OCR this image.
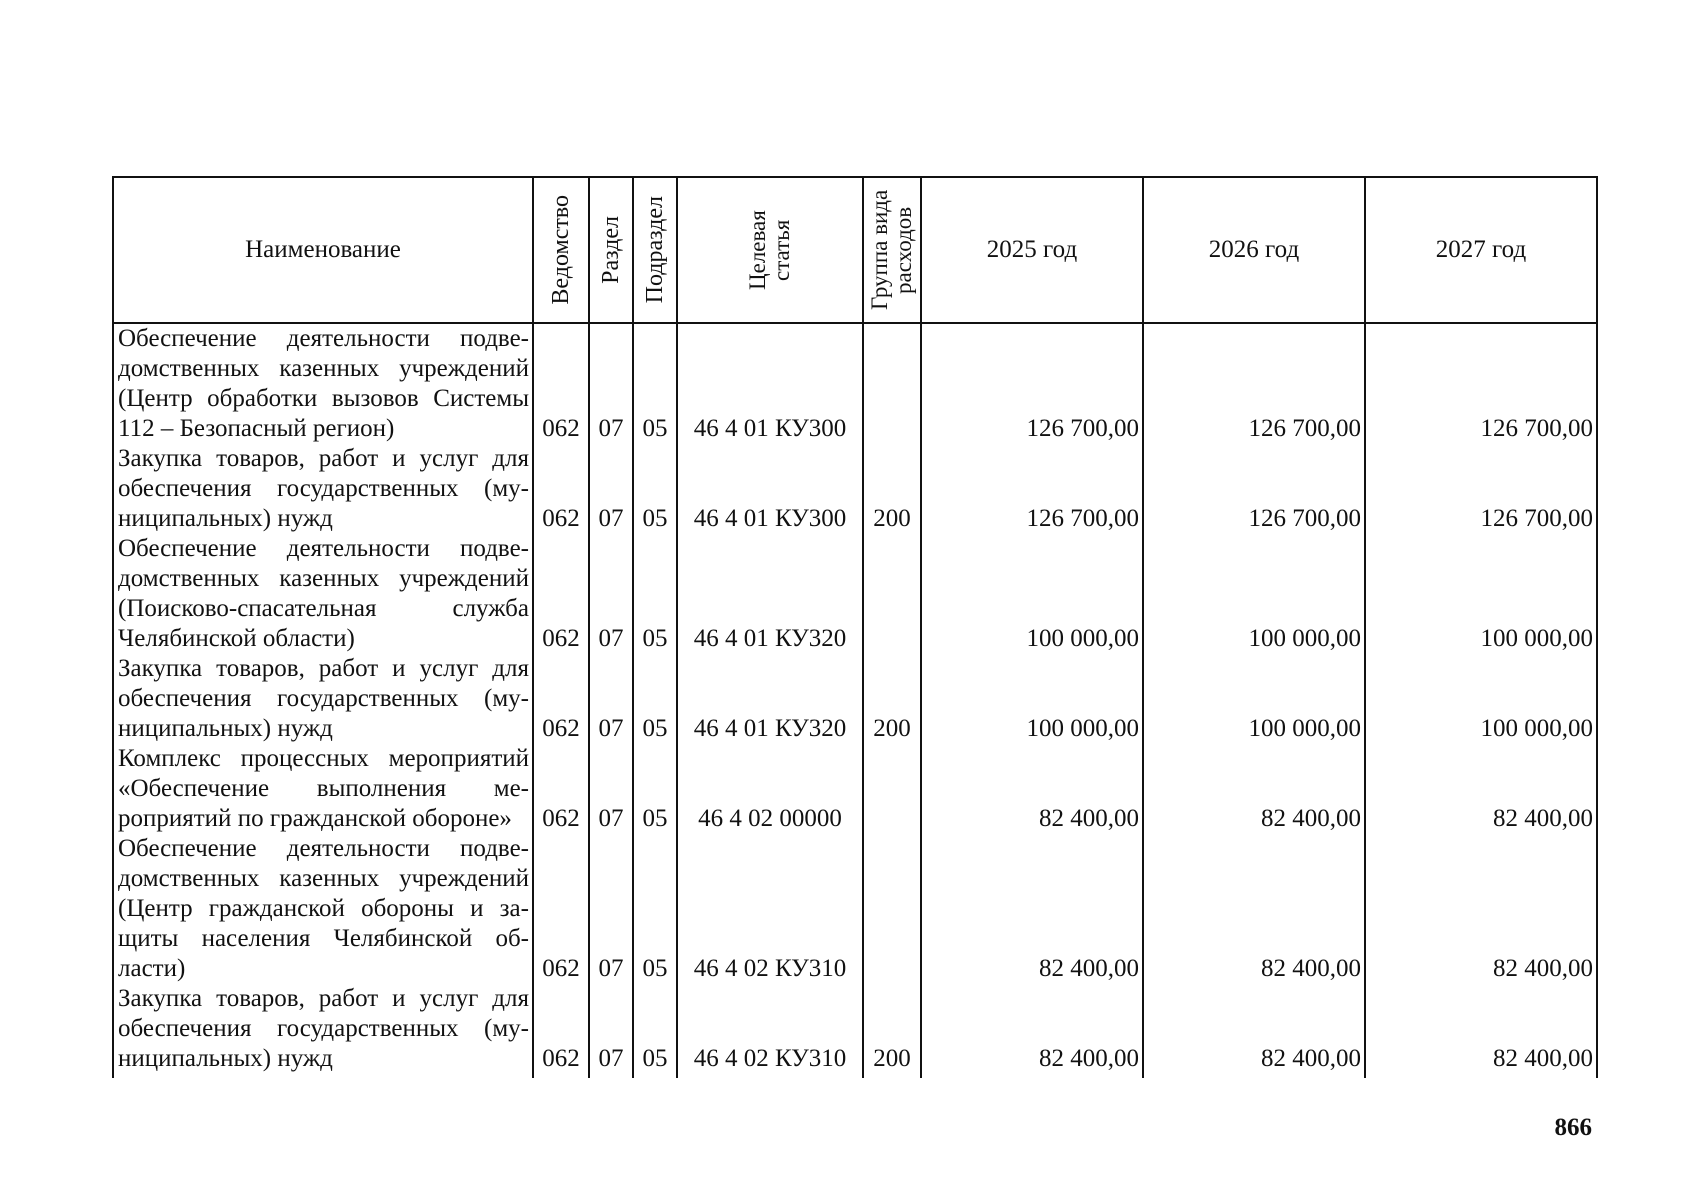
Наименование	Ведомство	Раздел	Подраздел	Целевая статья	Группа вида расходов	2025 год	2026 год	2027 год
Обеспечение деятельности подведомственных казенных учреждений (Центр обработки вызовов Системы 112 – Безопасный регион)	062	07	05	46 4 01 КУ300		126 700,00	126 700,00	126 700,00
Закупка товаров, работ и услуг для обеспечения государственных (муниципальных) нужд	062	07	05	46 4 01 КУ300	200	126 700,00	126 700,00	126 700,00
Обеспечение деятельности подведомственных казенных учреждений (Поисково-спасательная служба Челябинской области)	062	07	05	46 4 01 КУ320		100 000,00	100 000,00	100 000,00
Закупка товаров, работ и услуг для обеспечения государственных (муниципальных) нужд	062	07	05	46 4 01 КУ320	200	100 000,00	100 000,00	100 000,00
Комплекс процессных мероприятий «Обеспечение выполнения мероприятий по гражданской обороне»	062	07	05	46 4 02 00000		82 400,00	82 400,00	82 400,00
Обеспечение деятельности подведомственных казенных учреждений (Центр гражданской обороны и защиты населения Челябинской области)	062	07	05	46 4 02 КУ310		82 400,00	82 400,00	82 400,00
Закупка товаров, работ и услуг для обеспечения государственных (муниципальных) нужд	062	07	05	46 4 02 КУ310	200	82 400,00	82 400,00	82 400,00
866
